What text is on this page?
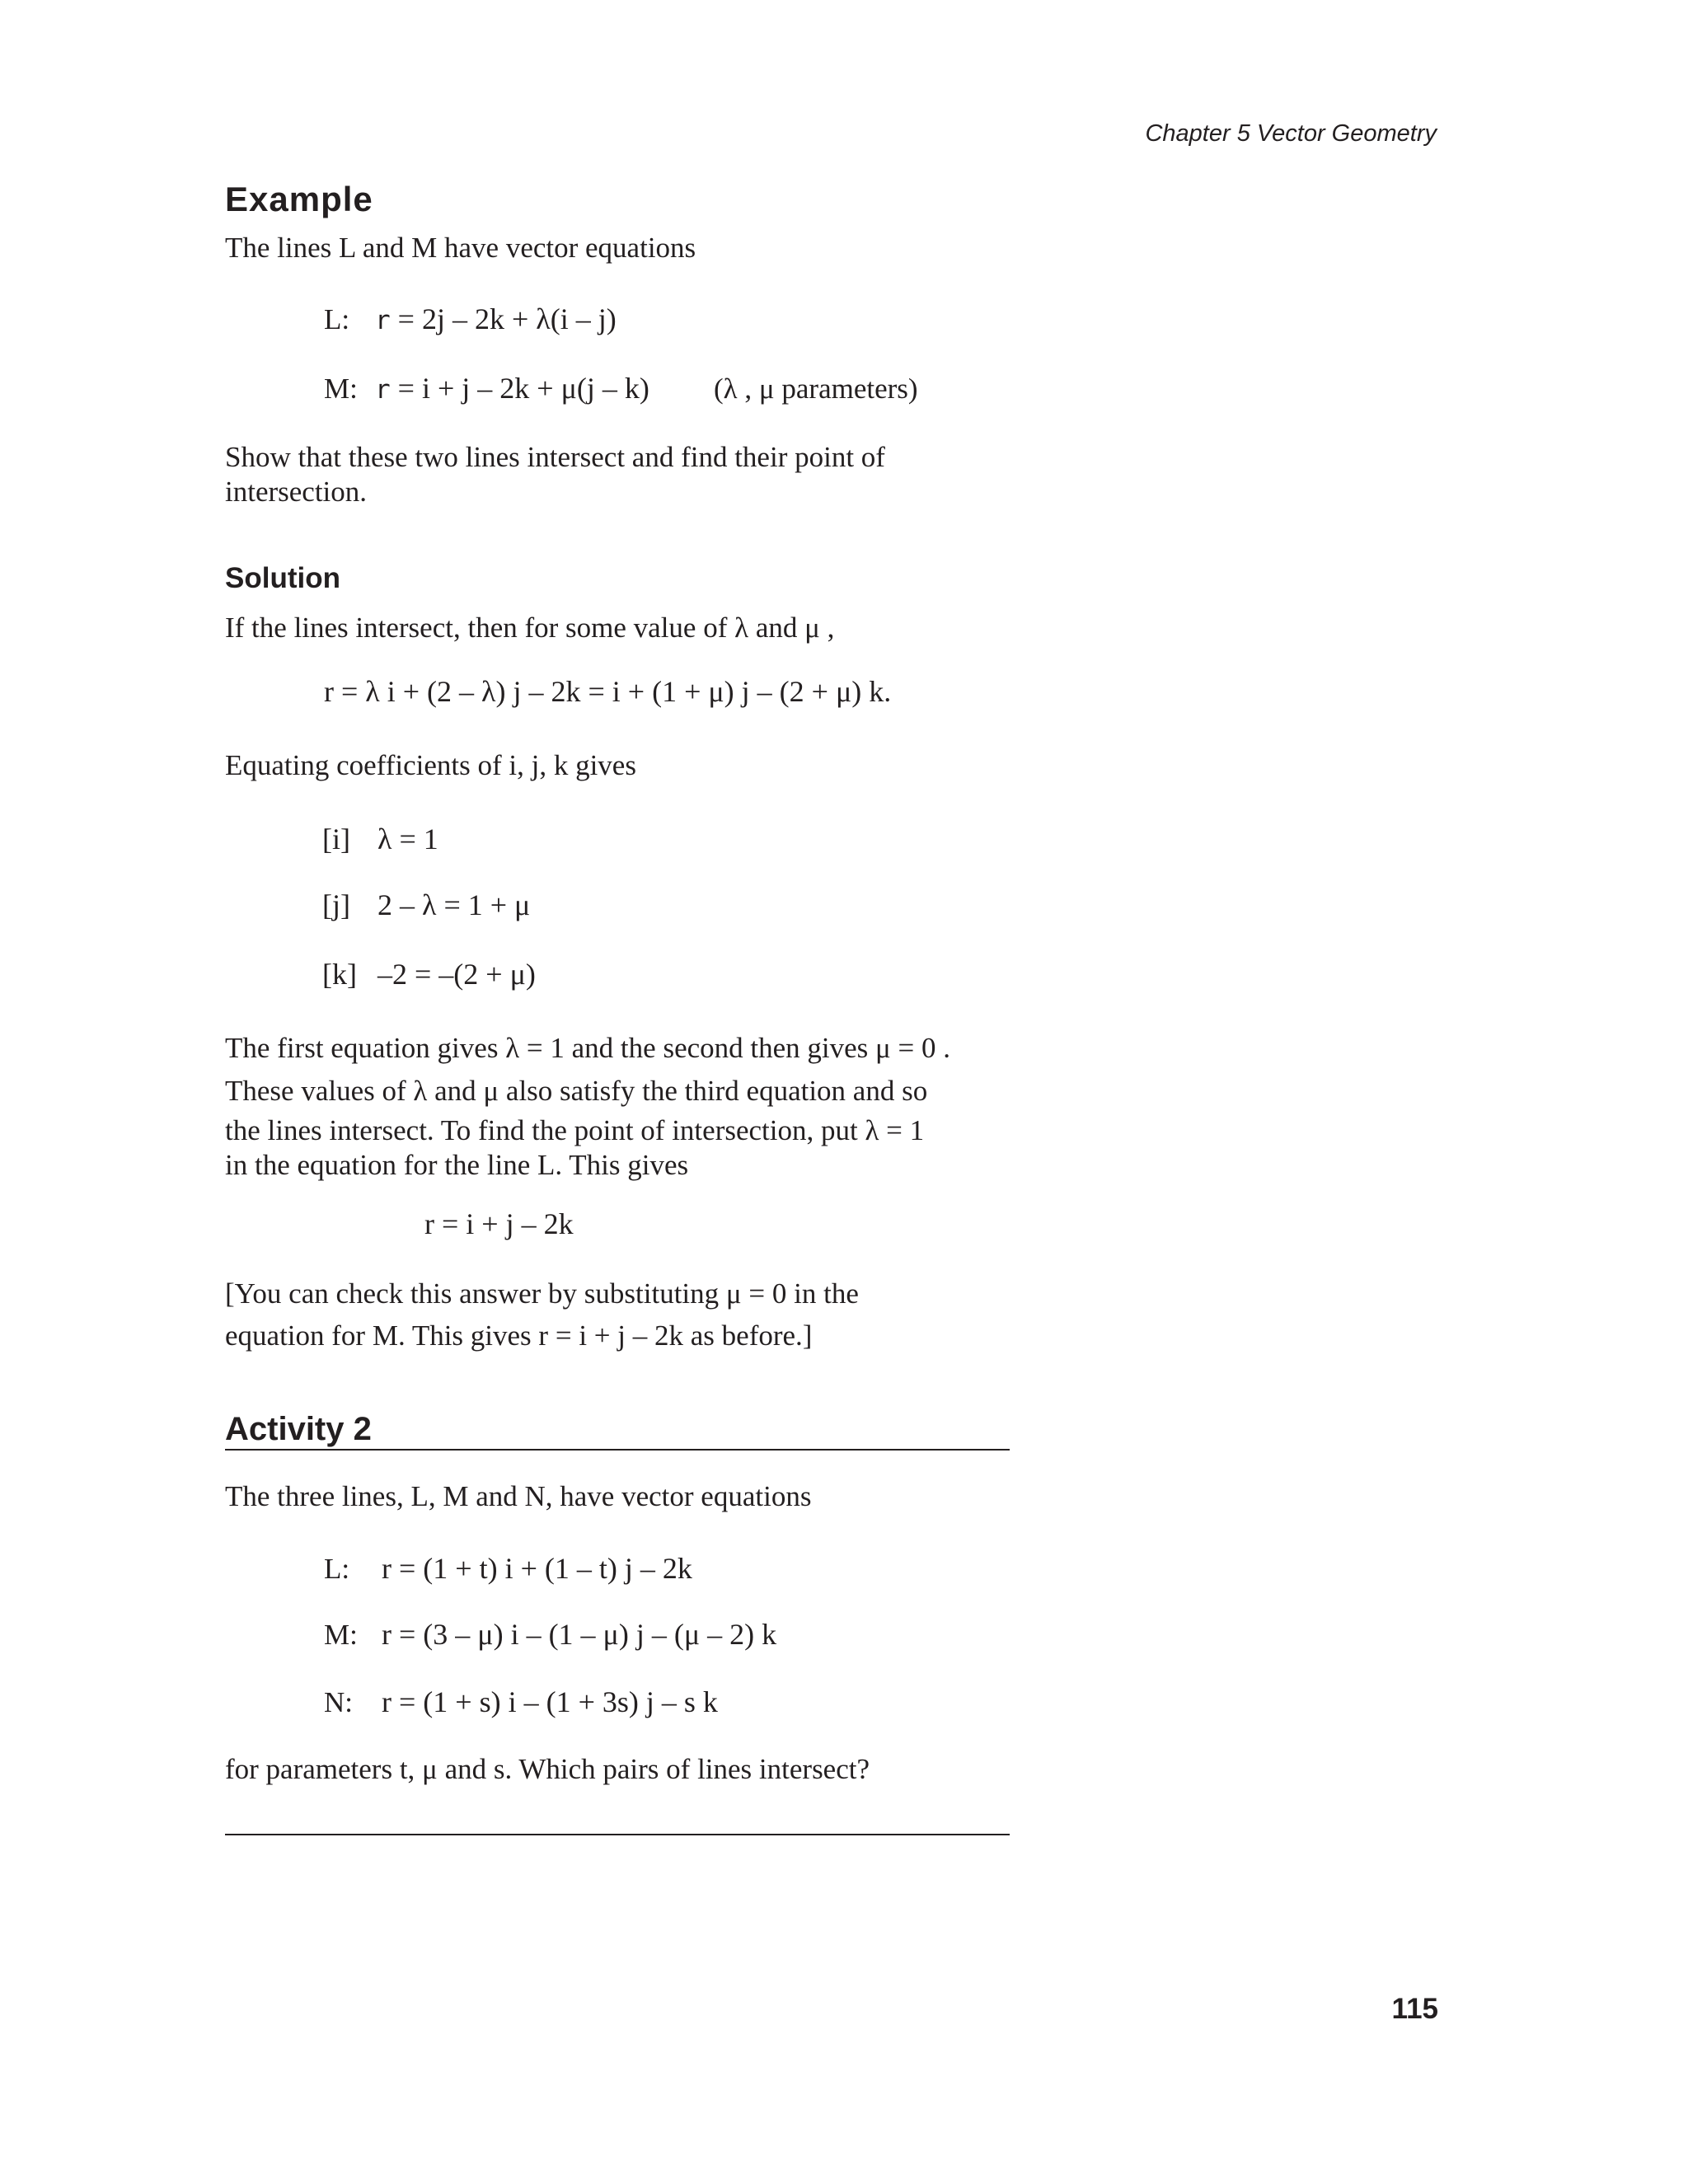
Chapter 5 Vector Geometry
Example
The lines L and M have vector equations
L: r = 2j – 2k + λ(i – j)
M: r = i + j – 2k + μ(j – k) (λ , μ parameters)
Show that these two lines intersect and find their point of
intersection.
Solution
If the lines intersect, then for some value of λ and μ ,
r = λ i + (2 – λ) j – 2k = i + (1 + μ) j – (2 + μ) k.
Equating coefficients of i, j, k gives
[i] λ = 1
[j] 2 – λ = 1 + μ
[k] –2 = –(2 + μ)
The first equation gives λ = 1 and the second then gives μ = 0 .
These values of λ and μ also satisfy the third equation and so
the lines intersect. To find the point of intersection, put λ = 1
in the equation for the line L. This gives
r = i + j – 2k
[You can check this answer by substituting μ = 0 in the
equation for M. This gives r = i + j – 2k as before.]
Activity 2
The three lines, L, M and N, have vector equations
L: r = (1 + t) i + (1 – t) j – 2k
M: r = (3 – μ) i – (1 – μ) j – (μ – 2) k
N: r = (1 + s) i – (1 + 3s) j – s k
for parameters t, μ and s. Which pairs of lines intersect?
115
